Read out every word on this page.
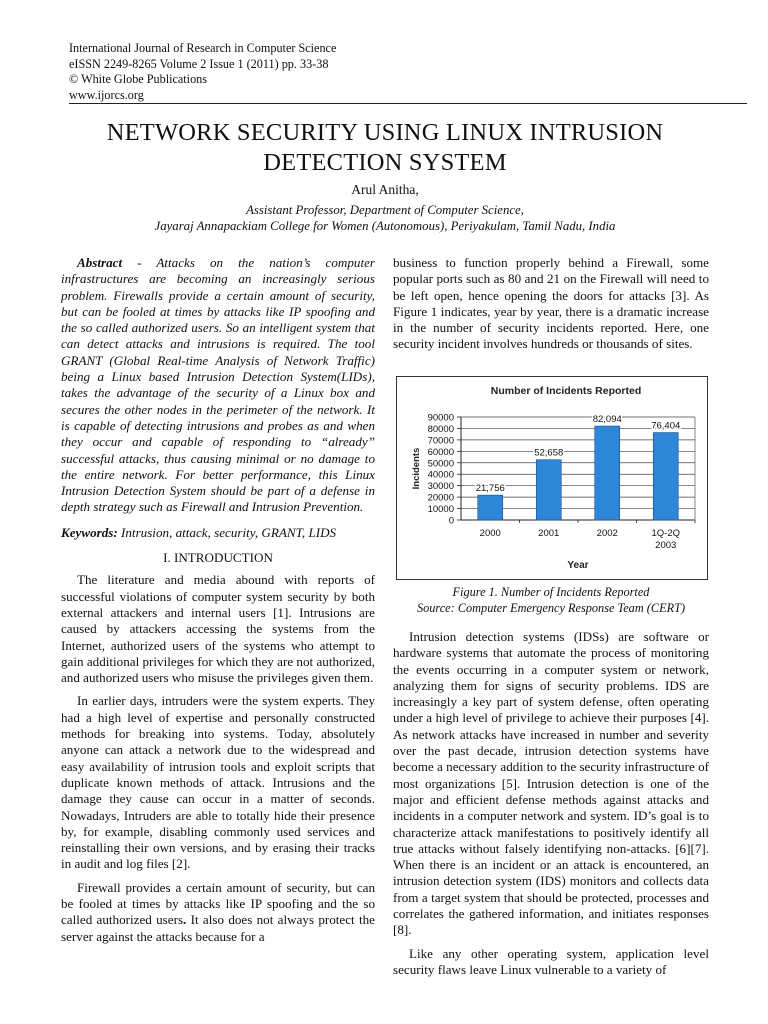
International Journal of Research in Computer Science
eISSN 2249-8265 Volume 2 Issue 1 (2011) pp. 33-38
© White Globe Publications
www.ijorcs.org
NETWORK SECURITY USING LINUX INTRUSION
DETECTION SYSTEM
Arul Anitha,
Assistant Professor, Department of Computer Science,
Jayaraj Annapackiam College for Women (Autonomous), Periyakulam, Tamil Nadu, India

Abstract - Attacks on the nation’s computer infrastructures are becoming an increasingly serious problem. Firewalls provide a certain amount of security, but can be fooled at times by attacks like IP spoofing and the so called authorized users. So an intelligent system that can detect attacks and intrusions is required. The tool GRANT (Global Real-time Analysis of Network Traffic) being a Linux based Intrusion Detection System(LIDs), takes the advantage of the security of a Linux box and secures the other nodes in the perimeter of the network. It is capable of detecting intrusions and probes as and when they occur and capable of responding to “already” successful attacks, thus causing minimal or no damage to the entire network. For better performance, this Linux Intrusion Detection System should be part of a defense in depth strategy such as Firewall and Intrusion Prevention.

Keywords: Intrusion, attack, security, GRANT, LIDS

I. INTRODUCTION

The literature and media abound with reports of successful violations of computer system security by both external attackers and internal users [1]. Intrusions are caused by attackers accessing the systems from the Internet, authorized users of the systems who attempt to gain additional privileges for which they are not authorized, and authorized users who misuse the privileges given them.

In earlier days, intruders were the system experts. They had a high level of expertise and personally constructed methods for breaking into systems. Today, absolutely anyone can attack a network due to the widespread and easy availability of intrusion tools and exploit scripts that duplicate known methods of attack. Intrusions and the damage they cause can occur in a matter of seconds. Nowadays, Intruders are able to totally hide their presence by, for example, disabling commonly used services and reinstalling their own versions, and by erasing their tracks in audit and log files [2].

Firewall provides a certain amount of security, but can be fooled at times by attacks like IP spoofing and the so called authorized users. It also does not always protect the server against the attacks because for a

business to function properly behind a Firewall, some popular ports such as 80 and 21 on the Firewall will need to be left open, hence opening the doors for attacks [3]. As Figure 1 indicates, year by year, there is a dramatic increase in the number of security incidents reported. Here, one security incident involves hundreds or thousands of sites.

Number of Incidents Reported
0
10000
20000
30000
40000
50000
60000
70000
80000
90000
21,756
2000
52,658
2001
82,094
2002
76,404
1Q-2Q
2003
Year
Incidents
Figure 1. Number of Incidents Reported
Source: Computer Emergency Response Team (CERT)

Intrusion detection systems (IDSs) are software or hardware systems that automate the process of monitoring the events occurring in a computer system or network, analyzing them for signs of security problems. IDS are increasingly a key part of system defense, often operating under a high level of privilege to achieve their purposes [4]. As network attacks have increased in number and severity over the past decade, intrusion detection systems have become a necessary addition to the security infrastructure of most organizations [5]. Intrusion detection is one of the major and efficient defense methods against attacks and incidents in a computer network and system. ID’s goal is to characterize attack manifestations to positively identify all true attacks without falsely identifying non-attacks. [6][7]. When there is an incident or an attack is encountered, an intrusion detection system (IDS) monitors and collects data from a target system that should be protected, processes and correlates the gathered information, and initiates responses [8].

Like any other operating system, application level security flaws leave Linux vulnerable to a variety of
